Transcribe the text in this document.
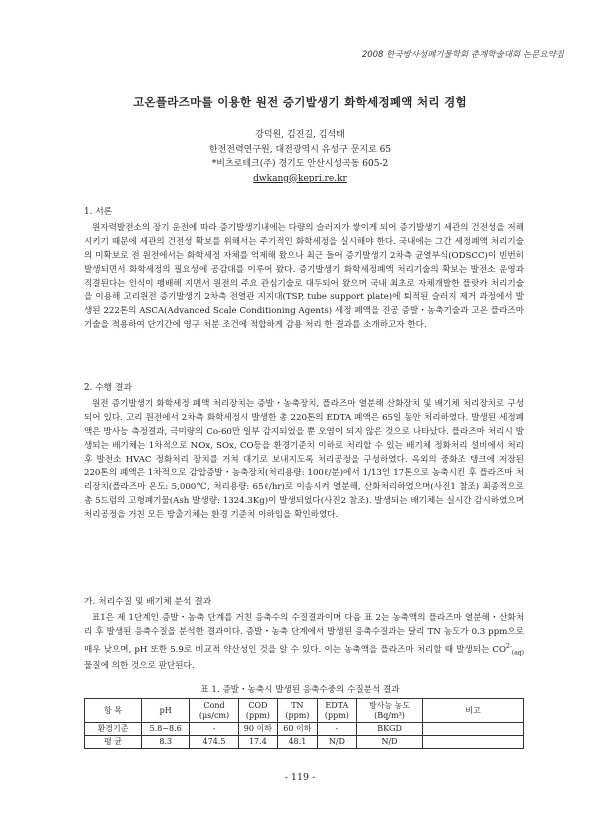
2008 한국방사성폐기물학회 춘계학술대회 논문요약집
고온플라즈마를 이용한 원전 증기발생기 화학세정폐액 처리 경험
강덕원, 김진길, 김석태
한전전력연구원, 대전광역시 유성구 문지로 65
*비츠로테크(주) 경기도 안산시성곡동 605-2
dwkang@kepri.re.kr
1. 서론

원자력발전소의 장기 운전에 따라 증기발생기내에는 다량의 슬러지가 쌓이게 되어 증기발생기 세관의 건전성을 저해시키기 때문에 세관의 건전성 확보를 위해서는 주기적인 화학세정을 실시해야 한다. 국내에는 그간 세정폐액 처리기술의 미확보로 전 원전에서는 화학세정 자체를 억제해 왔으나 최근 들어 증기발생기 2차측 균열부식(ODSCC)이 빈번히 발생되면서 화학세정의 필요성에 공감대를 이루어 왔다. 증기발생기 화학세정폐액 처리기술의 확보는 발전소 운영과 직결된다는 인식이 팽배해 지면서 원전의 주요 관심기술로 대두되어 왔으며 국내 최초로 자체개발한 플랏카 처리기술을 이용해 고리원전 증기발생기 2차측 전열관 지지대(TSP, tube support plate)에 퇴적된 슬러지 제거 과정에서 발생된 222톤의 ASCA(Advanced Scale Conditioning Agents) 세정 폐액을 진공 증발・농축기술과 고온 플라즈마 기술을 적용하여 단기간에 영구 처분 조건에 적합하게 감용 처리 한 결과를 소개하고자 한다.

2. 수행 결과

원전 증기발생기 화학세정 폐액 처리장치는 증발・농축장치, 플라즈마 열분해 산화장치 및 배기체 처리장치로 구성되어 있다. 고리 원전에서 2차측 화학세정시 발생한 총 220톤의 EDTA 폐액은 65일 동안 처리하였다. 발생된 세정폐액은 방사능 측정결과, 극미량의 Co-60만 일부 감지되었을 뿐 오염이 되지 않은 것으로 나타났다. 플라즈마 처리시 발생되는 배기체는 1차적으로 NOx, SOx, CO등을 환경기준치 이하로 처리할 수 있는 배기체 정화처리 설비에서 처리 후 발전소 HVAC 정화처리 장치를 거쳐 대기로 보내지도록 처리공정을 구성하였다. 옥외의 중화조 탱크에 저장된 220톤의 폐액은 1차적으로 감압증발・농축장치(처리용량: 100ℓ/분)에서 1/13인 17톤으로 농축시킨 후 플라즈마 처리장치(플라즈마 온도: 5,000℃, 처리용량: 65ℓ/hr)로 이송시켜 열분해, 산화처리하였으며(사진1 참조) 최종적으로 총 5드럼의 고형폐기물(Ash 발생량: 1324.3Kg)이 발생되었다(사진2 참조). 발생되는 배기체는 실시간 감시하였으며 처리공정을 거친 모든 방출기체는 환경 기준치 이하임을 확인하였다.

가. 처리수질 및 배기체 분석 결과

표1은 제 1단계인 증발・농축 단계를 거친 응축수의 수질결과이며 다음 표 2는 농축액의 플라즈마 열분해・산화처리 후 발생된 응축수질을 분석한 결과이다. 증발・농축 단계에서 발생된 응축수질과는 달리 TN 농도가 0.3 ppm으로 매우 낮으며, pH 또한 5.9로 비교적 약산성인 것을 알 수 있다. 이는 농축액을 플라즈마 처리할 때 발생되는 $CO^{2-}_{(aq)}$ 물질에 의한 것으로 판단된다.

표 1. 증발・농축시 발생된 응축수중의 수질분석 결과
항 목	pH	Cond (μs/cm)	COD (ppm)	TN (ppm)	EDTA (ppm)	방사능 농도 (Bq/m³)	비고
환경기준	5.8~8.6	-	90 이하	60 이하	-	BKGD	
평 균	8.3	474.5	17.4	48.1	N/D	N/D	
- 119 -
